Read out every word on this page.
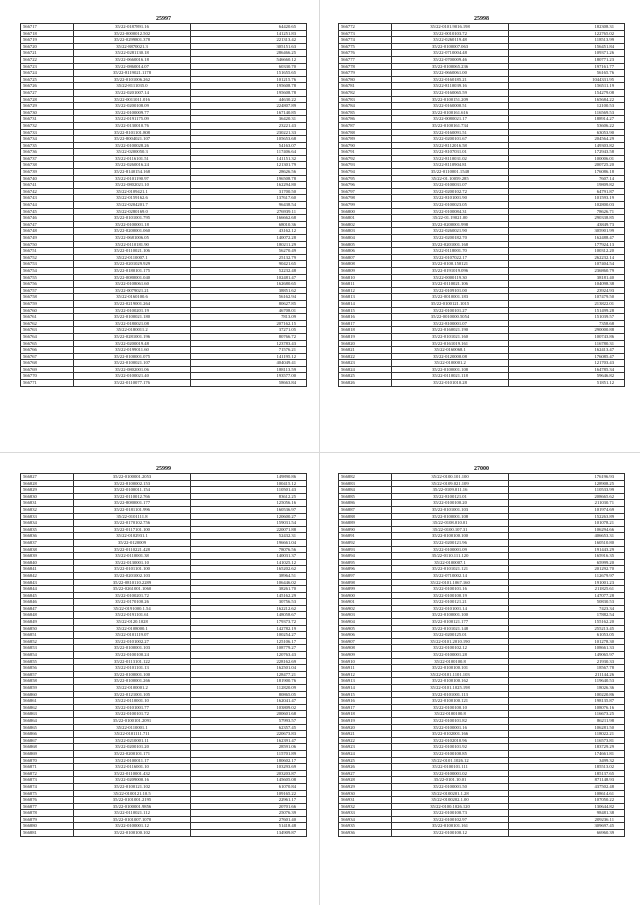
25997
566717	35/22-0187891.16	64420.65
566718	35/22-0000012.502	141251.83
566719	35/22-0299801.378	221313.42
566720	35/22-8870021.3	305151.63
566721	35/22-0281130.18	286466.25
566722	35/22-0660016.18	546660.12
566723	35/22-0860014.07	60330.70
566724	35/22-8119021.1178	151655.65
566725	35/22-0101006.262	101215.76
566726	35/22-8111035.0	195608.78
566727	35/22-0201007.14	195608.78
566728	35/22-0011011.016	44630.22
566729	35/22-0200108.09	224807.89
566730	35/22-0100009.77	167140.85
566731	35/22-0191175.09	36420.31
566732	35/22-0130010.76	23221.43
566733	35/22-8101101.808	230221.33
566734	35/22-8004021.107	105653.68
566735	35/22-0100028.26	54163.07
566736	35/22-0200050.3	117406.64
566737	35/22-0116101.51	141151.32
566738	35/22-0260016.24	121301.79
566739	35/22-8140154.168	28626.56
566740	35/22-0101190.97	196508.78
566741	35/22-0802021.10	162294.80
566742	35/22-0109421.1	31700.50
566743	35/22-0159162.6	137617.60
566744	35/22-0204201.7	96438.54
566745	35/22-0280169.0	276939.11
566746	35/22-0101001.795	166662.68
566747	35/22-0100001.18	68010.36
566748	35/22-0200001.060	43162.12
566749	35/22-0681006.05	140072.28
566750	35/22-0110181.90	180211.29
566751	35/22-0110021.106	56270.49
566752	35/22-0110007.1	25132.79
566753	35/22-0201029.929	90421.65
566754	35/22-0180101.175	52232.48
566755	35/22-0080001.040	102481.47
566756	35/22-0108061.60	162680.65
566757	35/22-0079021.21	38851.62
566758	35/22-0160100.6	56162.94
566759	35/22-0219001.264	80627.85
566760	35/22-0100201.19	46708.01
566761	35/22-0100021.180	7813.09
566762	35/22-0180021.08	207162.15
566763	35/22-0180011.2	37271.05
566764	35/22-0281001.196	80766.72
566765	35/22-0200019.48	123783.43
566766	35/22-0199011.60	71576.21
566767	35/22-0100001.075	141195.12
566768	35/22-0100021.107	404049.41
566769	35/22-0802001.06	188113.59
566770	35/22-0100021.40	193577.00
566771	35/22-0110077.176	58663.84
25998
566772	35/22-0101.9016.198	182308.31
566773	35/22-0010103.72	122765.02
566774	35/22-0260119.48	118513.99
566775	35/22-0100007.063	156451.84
566776	35/22-0710004.48	109371.26
566777	35/22-0700009.46	180771.23
566778	35/22-0100065.236	197161.77
566779	35/22-0660061.00	56165.76
566780	35/22-0160185.21	1044331.95
566781	35/22-8110039.16	156511.19
566782	35/22-0160065.59	154279.08
566783	35/22-0100151.209	165684.22
566784	35/22-0160000.51	12100.53
566785	35/22-0100161.616	116569.53
566786	35/22-0080021.17	188914.27
566787	35/22-0100161.734	53606.22
566788	35/22-0160091.51	63053.90
566789	35/22-0200101.67	204564.29
566790	35/22-8112016.58	149303.82
566791	35/22-8107031.01	172943.58
566792	35/22-8110031.02	100006.01
566793	35/22-8110904.81	200725.20
566794	35/22-0110001.1548	176086.18
566795	35/22-01.10059.285	7607.14
566796	35/22-0100031.07	19809.82
566797	35/22-0200102.72	64791.87
566798	35/22-8101001.90	101593.19
566799	35/22-0100023.05	102800.03
566800	35/22-0100084.31	78626.71
566801	35/22-01.19021.00	290338.85
566802	35/22-0200001.998	43849.73
566803	35/22-0260021.90	305901.99
566804	35/22-0200182.70	162488.47
566805	35/22-0201001.168	177924.13
566806	35/22-0118001.70	100312.20
566807	35/22-0107022.17	262232.14
566808	35/22-0100.150121	107404.54
566809	35/22-0191019.096	236860.79
566810	35/22-0000119.30	38181.40
566811	35/22-0110021.106	104098.38
566812	35/22-0109101.00	23924.93
566813	35/22-0010001.183	107479.50
566814	35/22-0100121.1015	213822.01
566815	35/22-0100101.27	151499.28
566816	35/22-0010000.5054	151039.57
566817	35/22-8100001.07	7358.68
566818	35/22-0160021.190	290000.88
566819	35/22-0101021.160	100743.86
566820	35/22-0161019.161	116780.31
566821	35/22-0160068.1	162413.47
566822	35/22-0120000.08	176085.47
566823	35/22-0100001.2	121703.43
566824	35/22-0100001.108	164785.34
566825	35/22-0110021.118	59646.82
566826	35/22-0101010.28	51851.12
25999
566827	35/22-0100001.2053	149890.86
566828	35/22-8100002.153	100415.12
566829	35/22-0100011.154	110501.43
566830	35/22-0110012.766	83612.25
566831	35/22-8080001.177	125056.16
566832	35/22-0181101.996	160536.97
566833	35/22-0101111.8	120600.27
566834	35/22-0170102.756	159031.54
566835	35/22-0117101.100	220071.88
566836	35/22-0102931.1	52432.31
566837	35/22-0120009	196661.04
566838	35/22-0110221.428	78076.56
566839	35/22-0110001.38	140031.37
566840	35/22-0130001.10	141025.12
566841	35/22-0101101.100	165202.62
566842	35/22-0201002.103	38964.51
566843	35/22-0810110.2289	106446.02
566844	35/22-0261001.1060	38261.70
566845	35/22-0100201.72	145162.29
566846	35/22-0170100.26	30756.53
566847	35/22-0191000.1.54	162212.62
566848	35/22-0191101.61	148058.67
566849	35/22-0120.1028	179373.72
566850	35/22-0108000.1	142782.19
566851	35/22-0101119.07	100254.27
566852	35/22-0101002.27	125106.17
566853	35/22-0100001.103	108779.27
566854	35/22-0100100.24	120763.43
566855	35/22-0113101.122	228162.69
566856	35/22-0101101.13	162501.04
566857	35/22-0100001.100	128477.21
566858	35/22-0100001.266	181900.76
566859	35/22-0100001.2	112820.09
566860	35/22-0121001.105	80865.05
566861	35/22-0110001.10	162041.47
566862	35/22-0101001.77	103809.02
566863	35/22-0100101.72	200601.68
566864	35/22-0100101.2091	57993.57
566865	35/22-0110001.1	62357.45
566866	35/22-0101111.711	220673.83
566867	35/22-0210001.11	162391.47
566868	35/22-0200101.20	28591.06
566869	35/22-0200101.171	115701.89
566870	35/22-0100011.17	180602.17
566871	35/22-0116001.10	103293.69
566872	35/22-0110001.432	203203.87
566873	35/22-0209000.16	145605.08
566874	35/22-0100121.102	61070.84
566875	35/22-0100121.10.5	109165.22
566876	35/22-0101001.2195	22961.17
566877	35/22-0100001.9856	20701.66
566878	35/22-0110021.112	25076.39
566879	35/22-0101007.1070	27601.40
566880	35/22-0100001.12	51418.48
566881	35/22-0100100.102	134909.87
27000
566882	35/22-0100.101.100	176196.93
566883	35/22-0109.021.109	128908.25
566884	35/22-0109.011.16	110533.99
566885	35/22-8100121.01	208665.62
566886	35/22-0100100.20	211030.71
566887	35/22-0101001.103	101974.69
566888	35/22-0100001.108	152263.89
566889	35/22-0108.010.01	101078.21
566890	35/22-0100.107.31	106294.66
566891	35/22-0100100.100	406653.31
566892	35/22-0200121.96	160510.80
566893	35/22-0100001.09	191443.29
566894	35/22-0110.111.120	165916.35
566895	35/22-0100007.1	65999.20
566896	35/22-0101021.121	201292.70
566897	35/22-0710002.14	112679.97
566898	35/22-0101.1067.160	191001.23
566899	35/22-0100101.16	211825.61
566900	35/22-0100100.19	147077.28
566901	35/22-0100121.21	50830.53
566902	35/22-0101001.14	7423.34
566903	35/22-0100001.100	17882.54
566904	35/22-0100121.177	155162.20
566905	35/22-0101021.148	255213.45
566906	35/22-0200125.01	61053.05
566907	35/22-0101.2010.190	101278.30
566908	35/22-0100102.12	108661.33
566909	35/22-0100001.28	149065.97
566910	35/22-0100100.8	21930.33
566911	35/22-0100100.101	18567.78
566912	35/22-0101.1101.103	211144.26
566913	35/22-0100100.162	119640.53
566914	35/22-0101.1025.198	18026.36
566915	35/22-0101001.113	100220.86
566916	35/22-0100100.121	198135.87
566917	35/22-0100100.10	108076.16
566918	35/22-0100100.8	116673.25
566919	35/22-0100101.82	86211.98
566920	35/22-0100001.16	106281.50
566921	35/22-0102001.166	118022.21
566922	35/22-0102010.96	116573.81
566923	35/22-0100101.92	183729.29
566924	35/22-0100100.85	174661.81
566925	35/22-0101.1026.12	3499.32
566926	35/22-0100101.111	185513.02
566927	35/22-0100001.02	185137.65
566928	35/22-0101.10.01	871148.93
566929	35/22-0100001.50	437502.48
566930	35/22-0100201.1.28	108614.61
566931	35/22-0100202.1.00	107050.22
566932	35/22-0100.1026.120	130644.82
566933	35/22-0100100.73	98481.38
566934	35/22-0100102.97	209236.11
566935	35/22-0100101.161	309697.45
566936	35/22-0100100.12	66960.39
